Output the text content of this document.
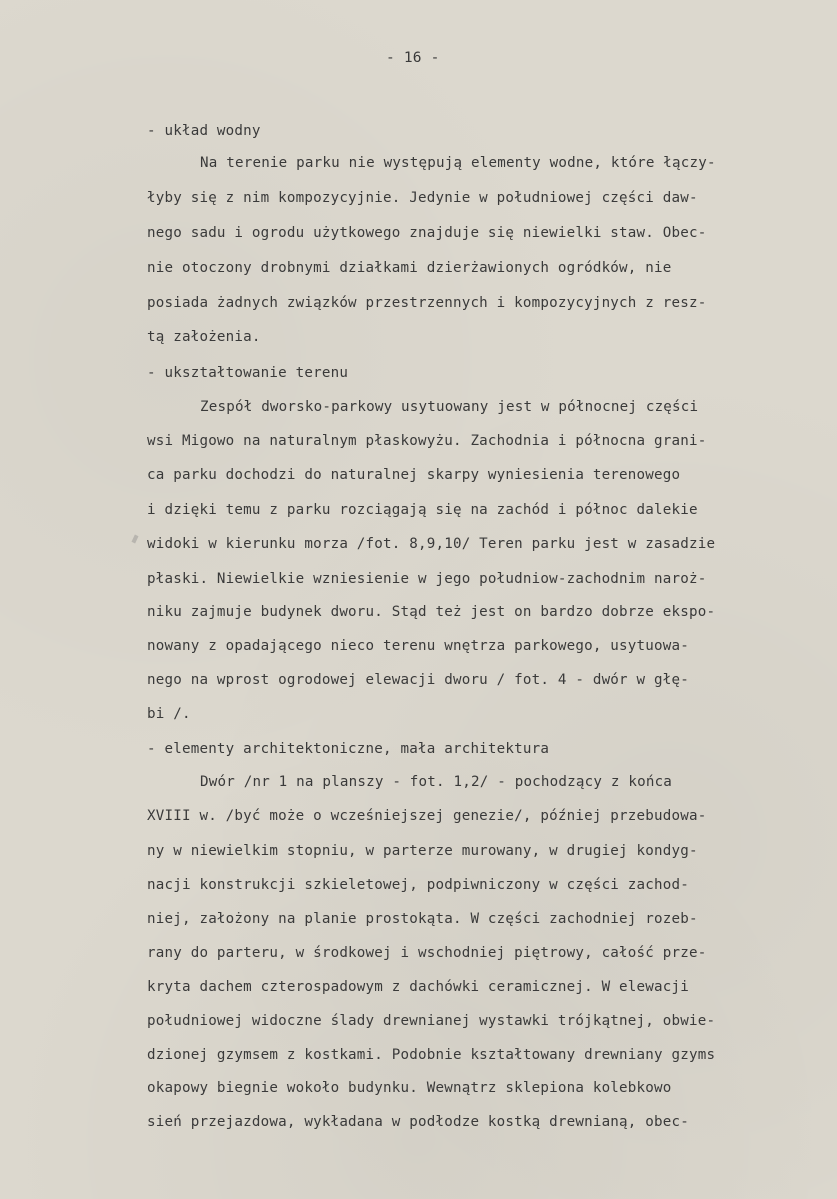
- 16 -
- układ wodny
Na terenie parku nie występują elementy wodne, które łączy-
łyby się z nim kompozycyjnie. Jedynie w południowej części daw-
nego sadu i ogrodu użytkowego znajduje się niewielki staw. Obec-
nie otoczony drobnymi działkami dzierżawionych ogródków, nie
posiada żadnych związków przestrzennych i kompozycyjnych z resz-
tą założenia.
- ukształtowanie terenu
Zespół dworsko-parkowy usytuowany jest w północnej części
wsi Migowo na naturalnym płaskowyżu. Zachodnia i północna grani-
ca parku dochodzi do naturalnej skarpy wyniesienia terenowego
i dzięki temu z parku rozciągają się na zachód i północ dalekie
widoki w kierunku morza /fot. 8,9,10/ Teren parku jest w zasadzie
płaski. Niewielkie wzniesienie w jego południow-zachodnim naroż-
niku zajmuje budynek dworu. Stąd też jest on bardzo dobrze ekspo-
nowany z opadającego nieco terenu wnętrza parkowego, usytuowa-
nego na wprost ogrodowej elewacji dworu / fot. 4 - dwór w głę-
bi /.
- elementy architektoniczne, mała architektura
Dwór /nr 1 na planszy - fot. 1,2/ - pochodzący z końca
XVIII w. /być może o wcześniejszej genezie/, później przebudowa-
ny w niewielkim stopniu, w parterze murowany, w drugiej kondyg-
nacji konstrukcji szkieletowej, podpiwniczony w części zachod-
niej, założony na planie prostokąta. W części zachodniej rozeb-
rany do parteru, w środkowej i wschodniej piętrowy, całość prze-
kryta dachem czterospadowym z dachówki ceramicznej. W elewacji
południowej widoczne ślady drewnianej wystawki trójkątnej, obwie-
dzionej gzymsem z kostkami. Podobnie kształtowany drewniany gzyms
okapowy biegnie wokoło budynku. Wewnątrz sklepiona kolebkowo
sień przejazdowa, wykładana w podłodze kostką drewnianą, obec-
